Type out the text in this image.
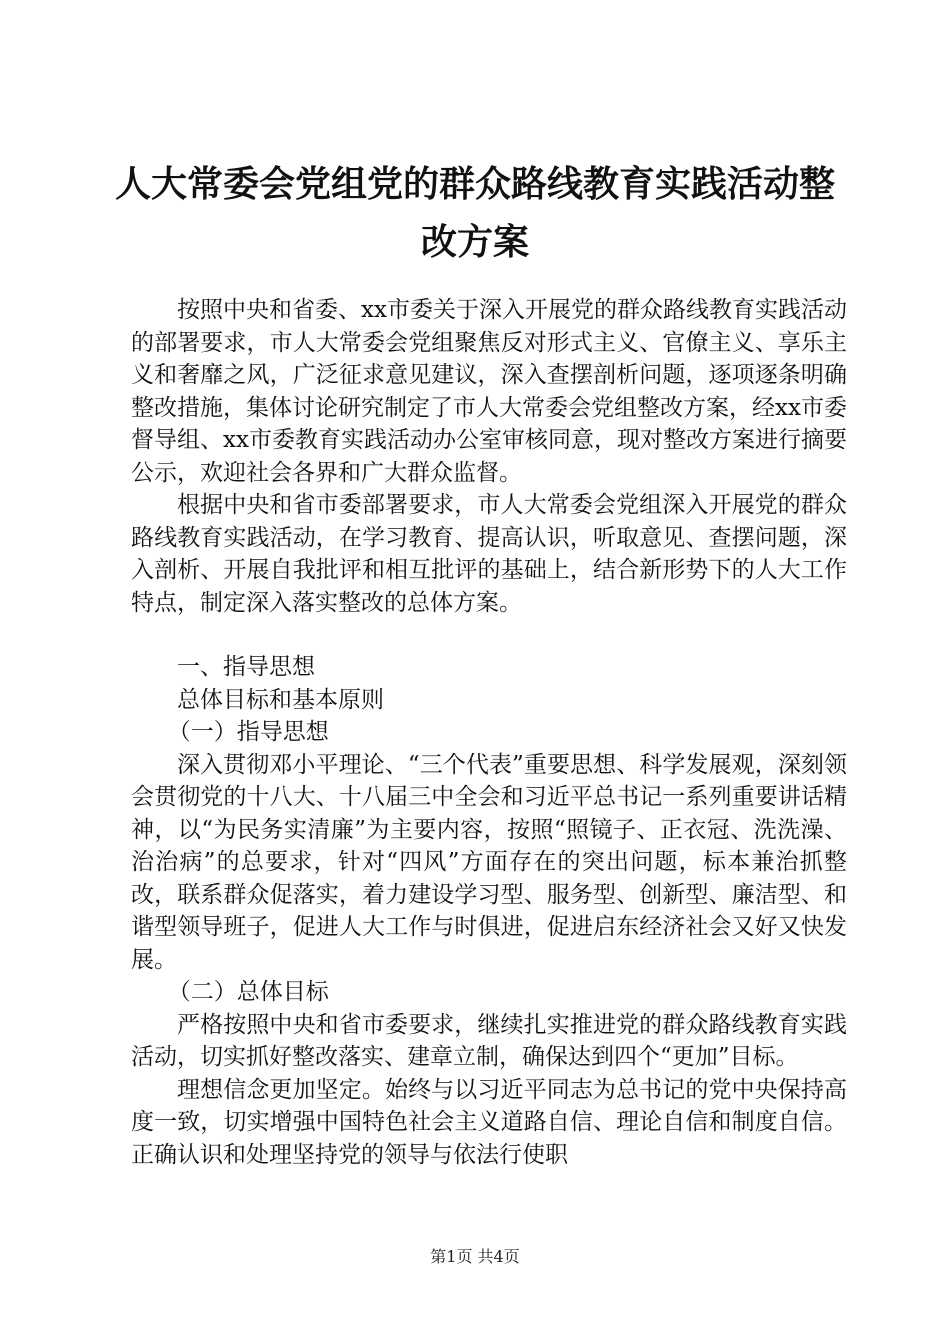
人大常委会党组党的群众路线教育实践活动整
改方案

按照中央和省委、xx市委关于深入开展党的群众路线教育实践活动的部署要求，市人大常委会党组聚焦反对形式主义、官僚主义、享乐主义和奢靡之风，广泛征求意见建议，深入查摆剖析问题，逐项逐条明确整改措施，集体讨论研究制定了市人大常委会党组整改方案，经xx市委督导组、xx市委教育实践活动办公室审核同意，现对整改方案进行摘要公示，欢迎社会各界和广大群众监督。

根据中央和省市委部署要求，市人大常委会党组深入开展党的群众路线教育实践活动，在学习教育、提高认识，听取意见、查摆问题，深入剖析、开展自我批评和相互批评的基础上，结合新形势下的人大工作特点，制定深入落实整改的总体方案。

一、指导思想

总体目标和基本原则

（一）指导思想

深入贯彻邓小平理论、“三个代表”重要思想、科学发展观，深刻领会贯彻党的十八大、十八届三中全会和习近平总书记一系列重要讲话精神，以“为民务实清廉”为主要内容，按照“照镜子、正衣冠、洗洗澡、治治病”的总要求，针对“四风”方面存在的突出问题，标本兼治抓整改，联系群众促落实，着力建设学习型、服务型、创新型、廉洁型、和谐型领导班子，促进人大工作与时俱进，促进启东经济社会又好又快发展。

（二）总体目标

严格按照中央和省市委要求，继续扎实推进党的群众路线教育实践活动，切实抓好整改落实、建章立制，确保达到四个“更加”目标。

理想信念更加坚定。始终与以习近平同志为总书记的党中央保持高度一致，切实增强中国特色社会主义道路自信、理论自信和制度自信。正确认识和处理坚持党的领导与依法行使职

第1页 共4页
